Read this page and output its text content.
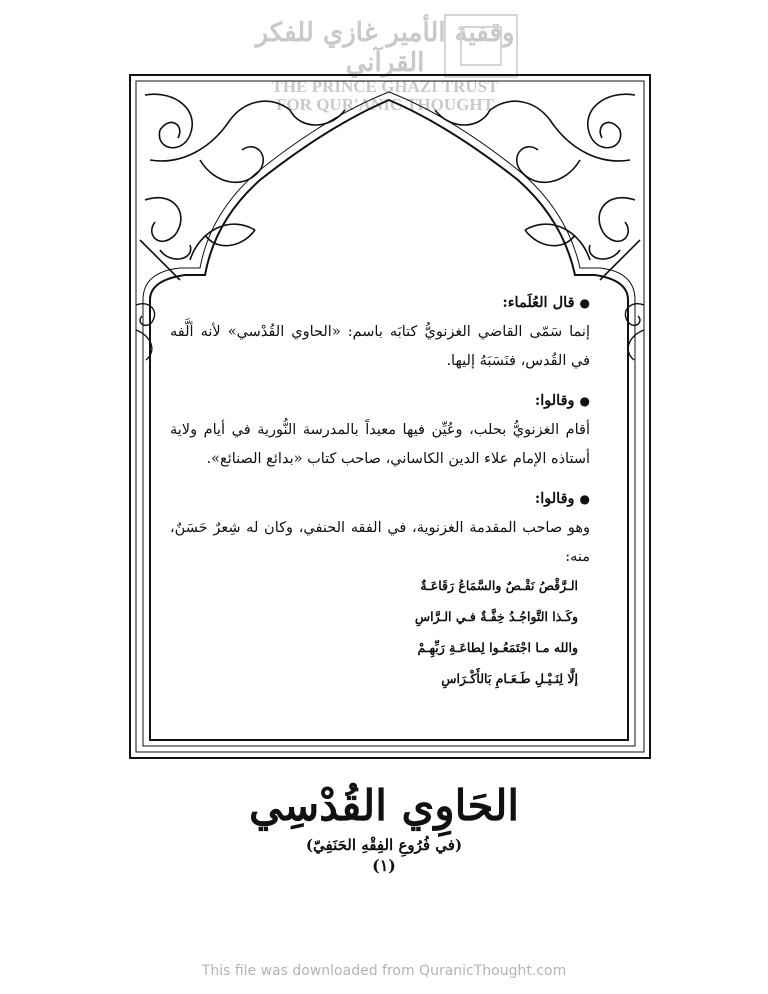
وقفية الأمير غازي للفكر القرآني
THE PRINCE GHAZI TRUST
FOR QUR'ANIC THOUGHT

●قال العُلَماء:

إنما سَمّى القاضي الغزنويُّ كتابَه باسم: «الحاوي القُدْسي» لأنه ألَّفه في القُدس، فنَسَبَهُ إليها.

●وقالوا:

أقام الغزنويُّ بحلب، وعُيِّن فيها معيداً بالمدرسة النُّورية في أيام ولاية أستاذه الإمام علاء الدين الكاساني، صاحب كتاب «بدائع الصنائع».

●وقالوا:

وهو صاحب المقدمة الغزنوية، في الفقه الحنفي، وكان له شِعرٌ حَسَنٌ، منه:

الـرَّقْصُ نَقْـصٌ والسَّمَاعُ رَقَاعَـةٌ
وكَـذا التَّواجُـدُ خِفَّـةٌ فـي الـرَّاسِ
والله مـا اجْتَمَعُـوا لِطاعَـةِ رَبِّهِـمْ
إلَّا لِنَـيْـلِ طَـعَـامِ بَالأَكْـرَاسِ
الحَاوِي القُدْسِي
(في فُرُوعِ الفِقْهِ الحَنَفِيّ)
(١)
This file was downloaded from QuranicThought.com
